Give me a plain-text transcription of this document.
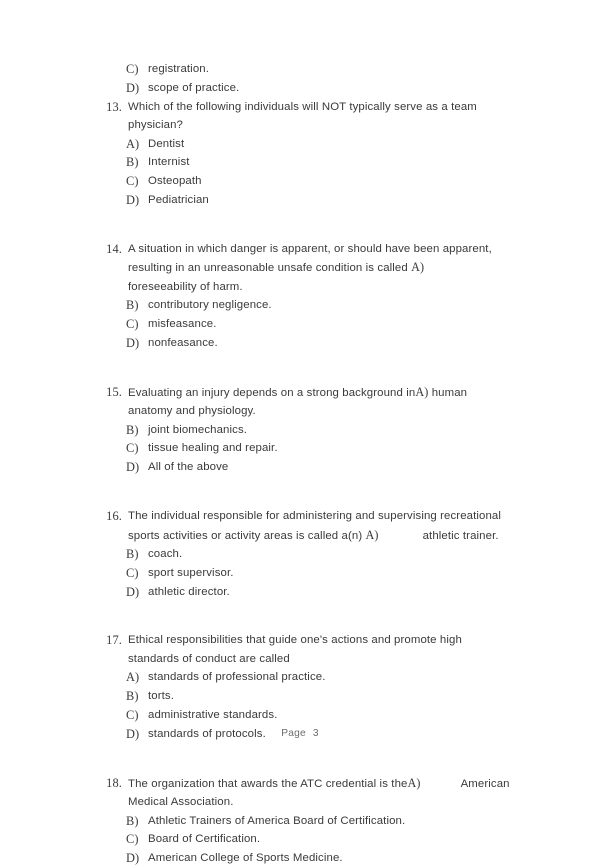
C) registration.
D) scope of practice.
13. Which of the following individuals will NOT typically serve as a team physician?
A) Dentist
B) Internist
C) Osteopath
D) Pediatrician
14. A situation in which danger is apparent, or should have been apparent, resulting in an unreasonable unsafe condition is called A)foreseeability of harm.
B) contributory negligence.
C) misfeasance.
D) nonfeasance.
15. Evaluating an injury depends on a strong background inA) human anatomy and physiology.
B) joint biomechanics.
C) tissue healing and repair.
D) All of the above
16. The individual responsible for administering and supervising recreational sports activities or activity areas is called a(n) A)	athletic trainer.
B) coach.
C) sport supervisor.
D) athletic director.
17. Ethical responsibilities that guide one's actions and promote high standards of conduct are called
A) standards of professional practice.
B) torts.
C) administrative standards.
D) standards of protocols.
18. The organization that awards the ATC credential is theA)	American Medical Association.
B) Athletic Trainers of America Board of Certification.
C) Board of Certification.
D) American College of Sports Medicine.
Page 3
